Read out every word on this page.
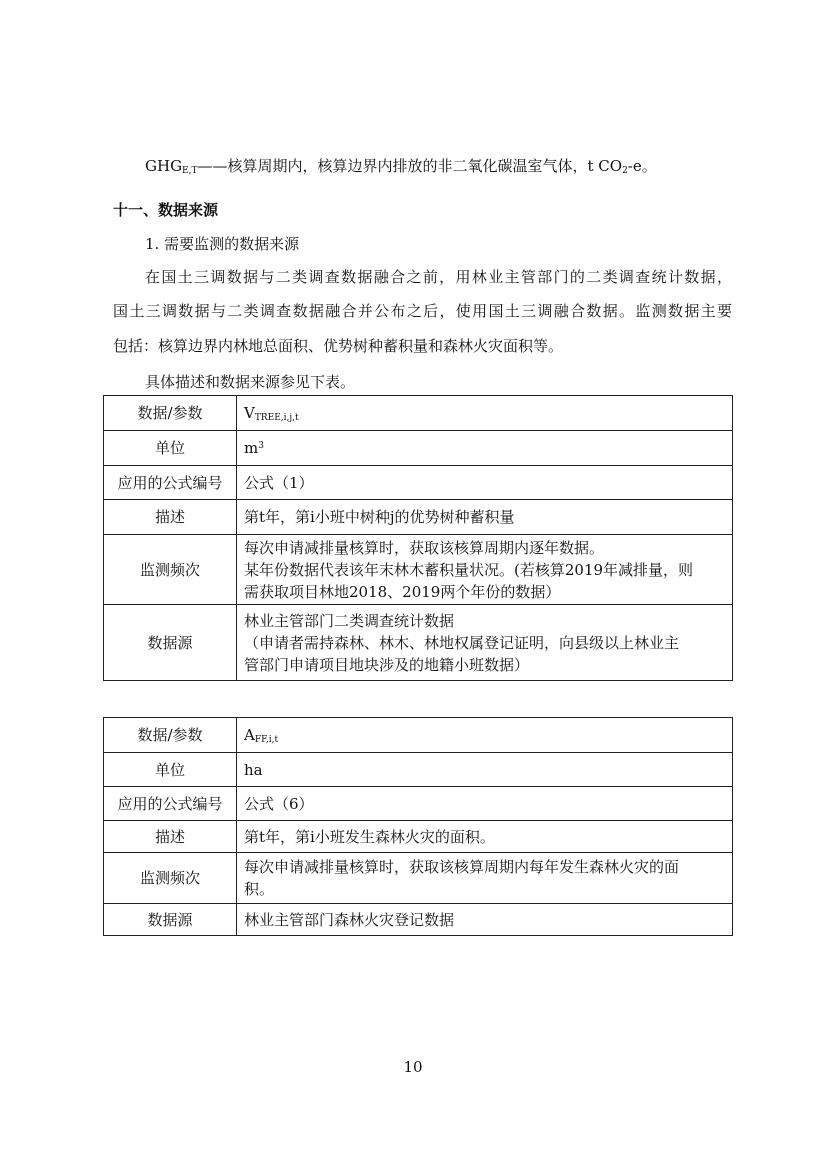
$GHG_{E,T}——$核算周期内，核算边界内排放的非二氧化碳温室气体，t $CO_2-e$。
十一、数据来源
1. 需要监测的数据来源
在国土三调数据与二类调查数据融合之前，用林业主管部门的二类调查统计数据，
国土三调数据与二类调查数据融合并公布之后，使用国土三调融合数据。监测数据主要
包括：核算边界内林地总面积、优势树种蓄积量和森林火灾面积等。
具体描述和数据来源参见下表。
数据/参数	$V_{TREE,i,j,t}$
单位	$m^3$
应用的公式编号	公式（1）
描述	第t年，第i小班中树种j的优势树种蓄积量
监测频次	每次申请减排量核算时，获取该核算周期内逐年数据。
某年份数据代表该年末林木蓄积量状况。(若核算2019年减排量，则
需获取项目林地2018、2019两个年份的数据）

数据源	林业主管部门二类调查统计数据
（申请者需持森林、林木、林地权属登记证明，向县级以上林业主
管部门申请项目地块涉及的地籍小班数据）
数据/参数	$A_{FF,i,t}$
单位	ha
应用的公式编号	公式（6）
描述	第t年，第i小班发生森林火灾的面积。
监测频次	每次申请减排量核算时，获取该核算周期内每年发生森林火灾的面
积。

数据源	林业主管部门森林火灾登记数据
10
